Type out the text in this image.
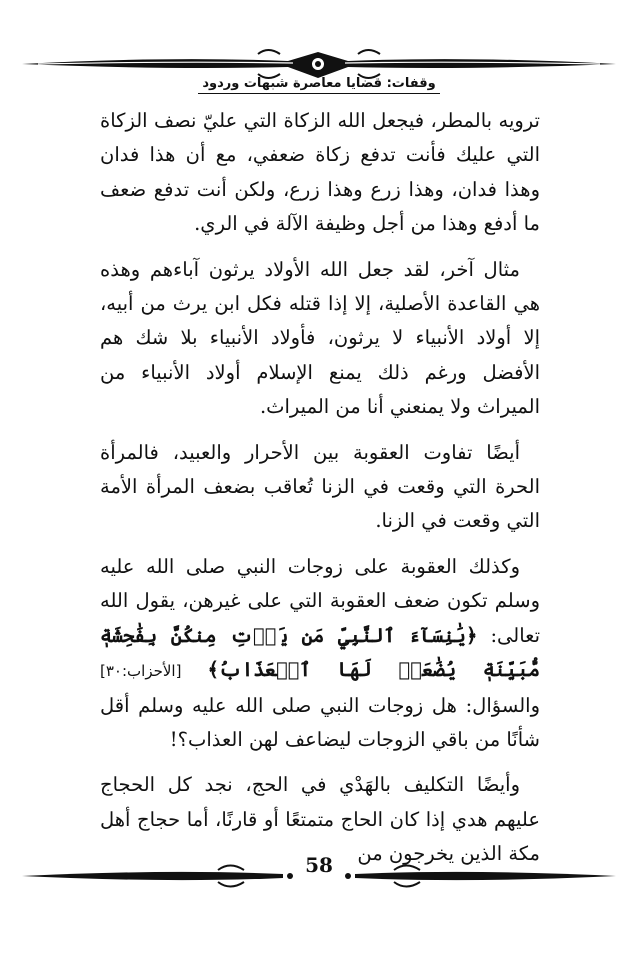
وقفات: قضايا معاصرة شبهات وردود

ترويه بالمطر، فيجعل الله الزكاة التي عليّ نصف الزكاة التي عليك فأنت تدفع زكاة ضعفي، مع أن هذا فدان وهذا فدان، وهذا زرع وهذا زرع، ولكن أنت تدفع ضعف ما أدفع وهذا من أجل وظيفة الآلة في الري.

مثال آخر، لقد جعل الله الأولاد يرثون آباءهم وهذه هي القاعدة الأصلية، إلا إذا قتله فكل ابن يرث من أبيه، إلا أولاد الأنبياء لا يرثون، فأولاد الأنبياء بلا شك هم الأفضل ورغم ذلك يمنع الإسلام أولاد الأنبياء من الميراث ولا يمنعني أنا من الميراث.

أيضًا تفاوت العقوبة بين الأحرار والعبيد، فالمرأة الحرة التي وقعت في الزنا تُعاقب بضعف المرأة الأمة التي وقعت في الزنا.

وكذلك العقوبة على زوجات النبي صلى الله عليه وسلم تكون ضعف العقوبة التي على غيرهن، يقول الله تعالى: ﴿يَٰنِسَآءَ ٱلنَّبِيِّ مَن يَأۡتِ مِنكُنَّ بِفَٰحِشَةٖ مُّبَيِّنَةٖ يُضَٰعَفۡ لَهَا ٱلۡعَذَابُ﴾ [الأحزاب:٣٠] والسؤال: هل زوجات النبي صلى الله عليه وسلم أقل شأنًا من باقي الزوجات ليضاعف لهن العذاب؟!

وأيضًا التكليف بالهَدْي في الحج، نجد كل الحجاج عليهم هدي إذا كان الحاج متمتعًا أو قارنًا، أما حجاج أهل مكة الذين يخرجون من

58
